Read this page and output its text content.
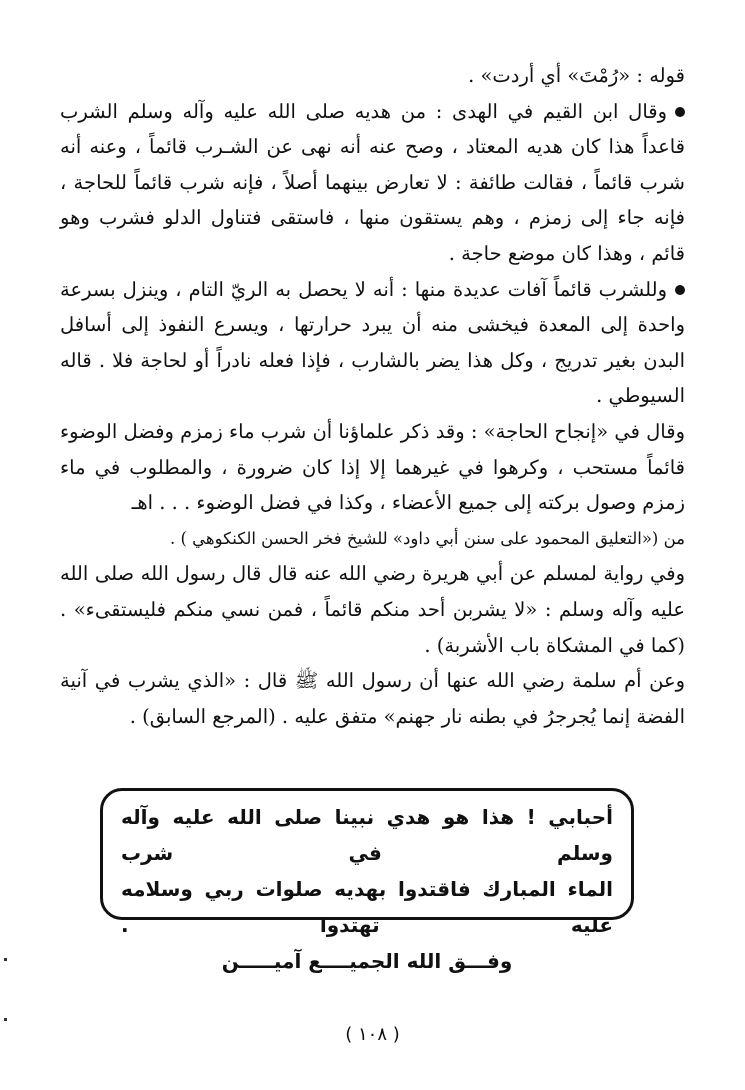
قوله : «رُمْتَ» أي أردت» .

وقال ابن القيم في الهدى : من هديه صلى الله عليه وآله وسلم الشرب قاعداً هذا كان هديه المعتاد ، وصح عنه أنه نهى عن الشـرب قائماً ، وعنه أنه شرب قائماً ، فقالت طائفة : لا تعارض بينهما أصلاً ، فإنه شرب قائماً للحاجة ، فإنه جاء إلى زمزم ، وهم يستقون منها ، فاستقى فتناول الدلو فشرب وهو قائم ، وهذا كان موضع حاجة .

وللشرب قائماً آفات عديدة منها : أنه لا يحصل به الريّ التام ، وينزل بسرعة واحدة إلى المعدة فيخشى منه أن يبرد حرارتها ، ويسرع النفوذ إلى أسافل البدن بغير تدريج ، وكل هذا يضر بالشارب ، فإذا فعله نادراً أو لحاجة فلا . قاله السيوطي .

وقال في «إنجاح الحاجة» : وقد ذكر علماؤنا أن شرب ماء زمزم وفضل الوضوء قائماً مستحب ، وكرهوا في غيرهما إلا إذا كان ضرورة ، والمطلوب في ماء زمزم وصول بركته إلى جميع الأعضاء ، وكذا في فضل الوضوء . . . اهـ

من («التعليق المحمود على سنن أبي داود» للشيخ فخر الحسن الكنكوهي ) .

وفي رواية لمسلم عن أبي هريرة رضي الله عنه قال قال رسول الله صلى الله عليه وآله وسلم : «لا يشربن أحد منكم قائماً ، فمن نسي منكم فليستقىء» . (كما في المشكاة باب الأشربة) .

وعن أم سلمة رضي الله عنها أن رسول الله ﷺ قال : «الذي يشرب في آنية الفضة إنما يُجرجرُ في بطنه نار جهنم» متفق عليه . (المرجع السابق) .

أحبابي ! هذا هو هدي نبينا صلى الله عليه وآله وسلم في شرب
الماء المبارك فاقتدوا بهديه صلوات ربي وسلامه عليه تهتدوا .
وفـــق الله الجميــــع آميـــــن
( ١٠٨ )
